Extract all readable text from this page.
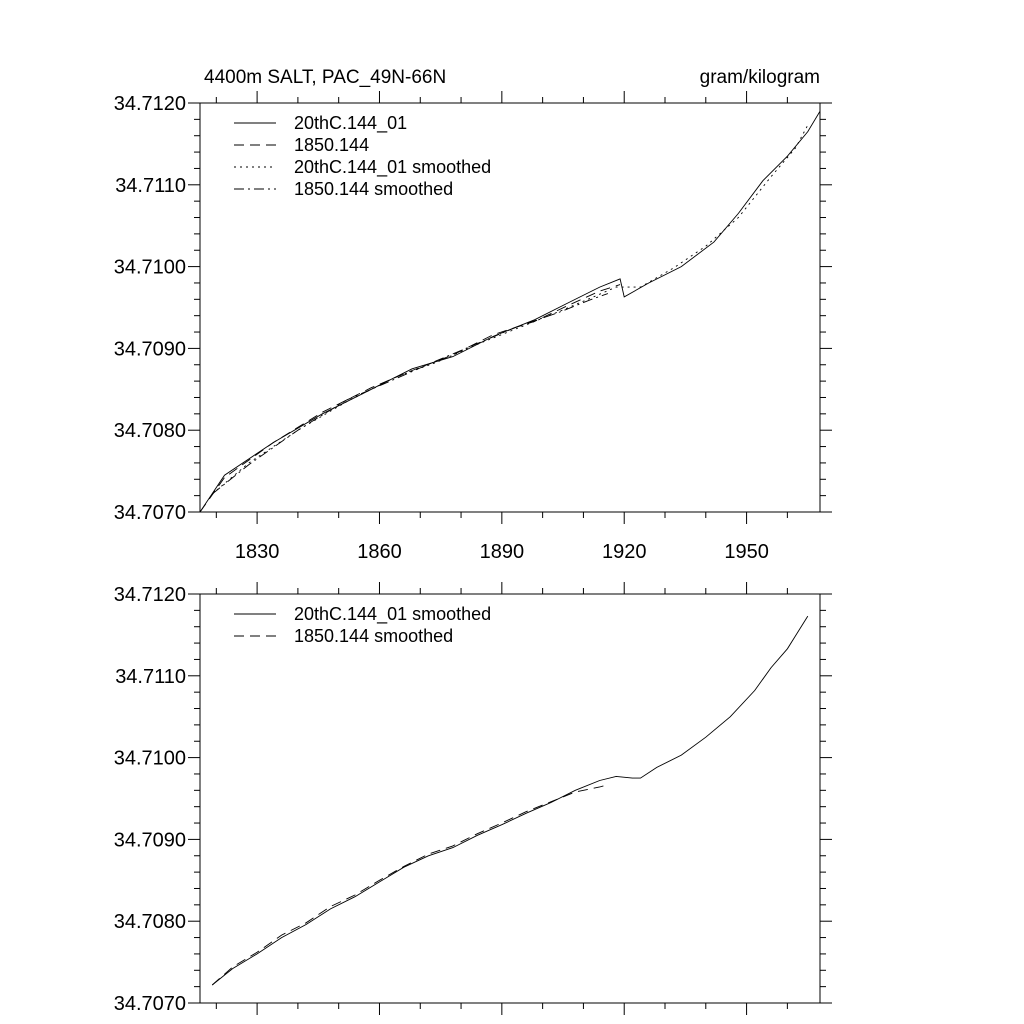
4400m SALT, PAC_49N-66N	gram/kilogram
34.7070
34.7080
34.7090
34.7100
34.7110
34.7120
1830	1860	1890	1920	1950
20thC.144_01
1850.144
20thC.144_01 smoothed
1850.144 smoothed
34.7070
34.7080
34.7090
34.7100
34.7110
34.7120
20thC.144_01 smoothed
1850.144 smoothed
